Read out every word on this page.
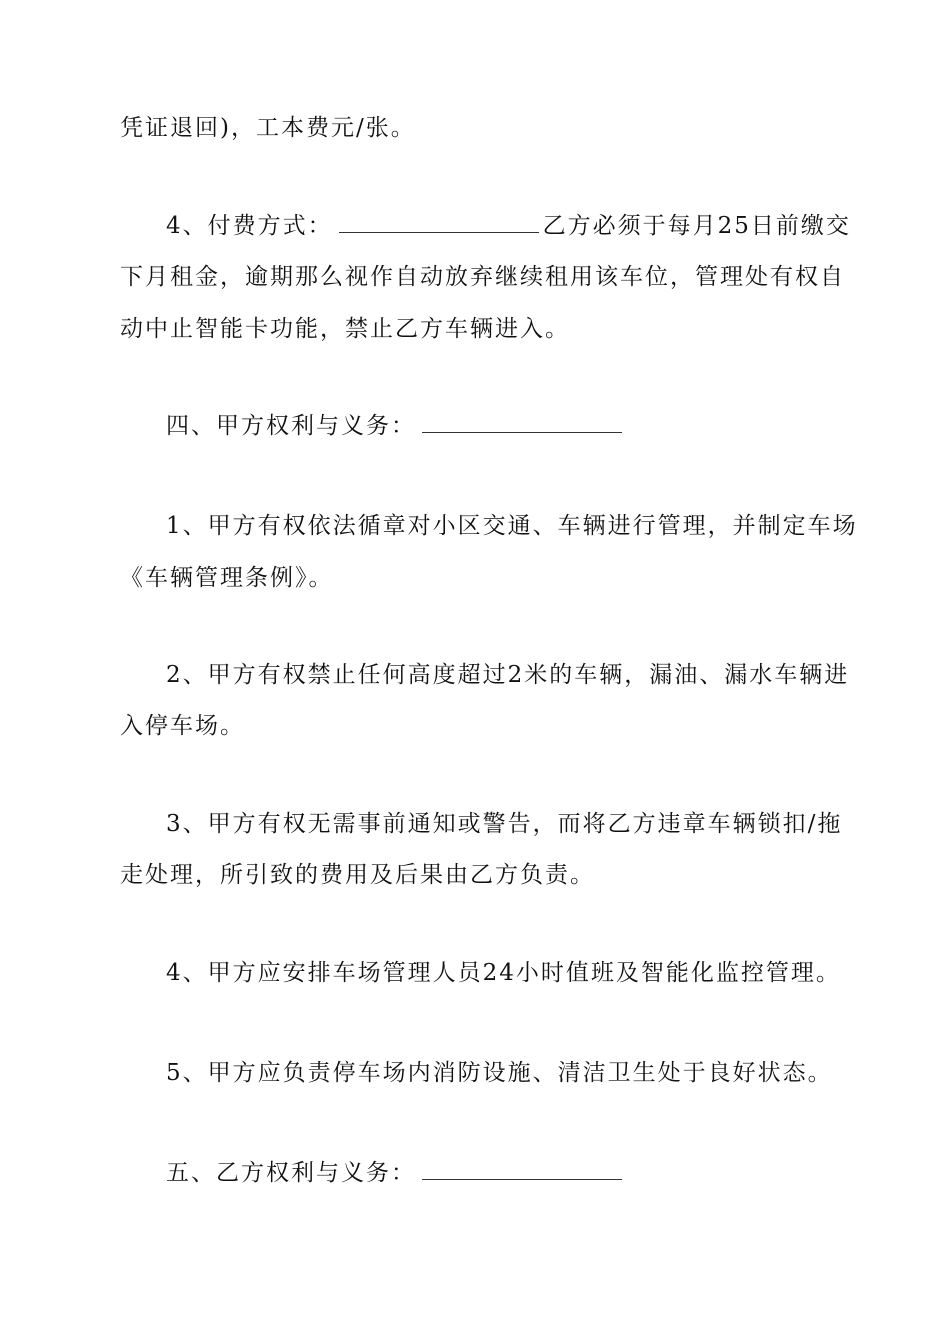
凭证退回)，工本费元/张。
4、付费方式：	乙方必须于每月25日前缴交
下月租金，逾期那么视作自动放弃继续租用该车位，管理处有权自
动中止智能卡功能，禁止乙方车辆进入。
四、甲方权利与义务：
1、甲方有权依法循章对小区交通、车辆进行管理，并制定车场
《车辆管理条例》。
2、甲方有权禁止任何高度超过2米的车辆，漏油、漏水车辆进
入停车场。
3、甲方有权无需事前通知或警告，而将乙方违章车辆锁扣/拖
走处理，所引致的费用及后果由乙方负责。
4、甲方应安排车场管理人员24小时值班及智能化监控管理。
5、甲方应负责停车场内消防设施、清洁卫生处于良好状态。
五、乙方权利与义务：
